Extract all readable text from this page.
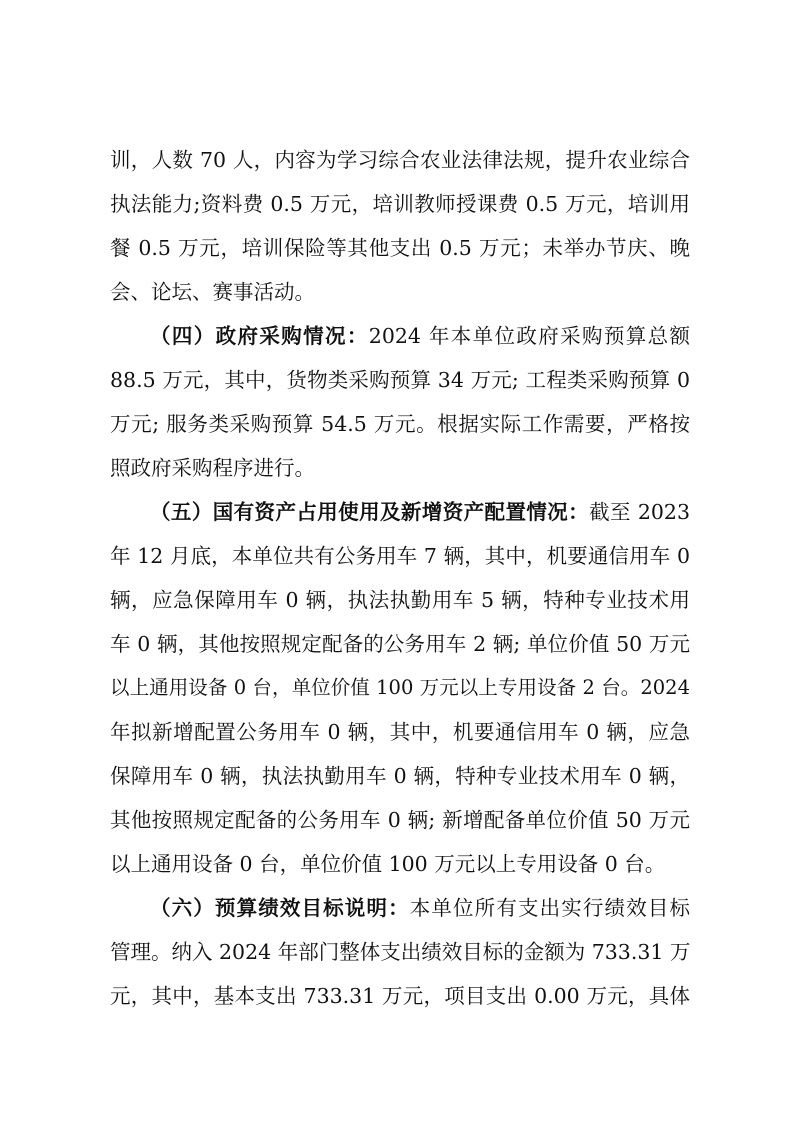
训，人数 70 人，内容为学习综合农业法律法规，提升农业综合
执法能力;资料费 0.5 万元，培训教师授课费 0.5 万元，培训用
餐 0.5 万元，培训保险等其他支出 0.5 万元；未举办节庆、晚
会、论坛、赛事活动。
（四）政府采购情况：2024 年本单位政府采购预算总额
88.5 万元，其中，货物类采购预算 34 万元; 工程类采购预算 0
万元; 服务类采购预算 54.5 万元。根据实际工作需要，严格按
照政府采购程序进行。
（五）国有资产占用使用及新增资产配置情况：截至 2023
年 12 月底，本单位共有公务用车 7 辆，其中，机要通信用车 0
辆，应急保障用车 0 辆，执法执勤用车 5 辆，特种专业技术用
车 0 辆，其他按照规定配备的公务用车 2 辆; 单位价值 50 万元
以上通用设备 0 台，单位价值 100 万元以上专用设备 2 台。2024
年拟新增配置公务用车 0 辆，其中，机要通信用车 0 辆，应急
保障用车 0 辆，执法执勤用车 0 辆，特种专业技术用车 0 辆，
其他按照规定配备的公务用车 0 辆; 新增配备单位价值 50 万元
以上通用设备 0 台，单位价值 100 万元以上专用设备 0 台。
（六）预算绩效目标说明：本单位所有支出实行绩效目标
管理。纳入 2024 年部门整体支出绩效目标的金额为 733.31 万
元，其中，基本支出 733.31 万元，项目支出 0.00 万元，具体
